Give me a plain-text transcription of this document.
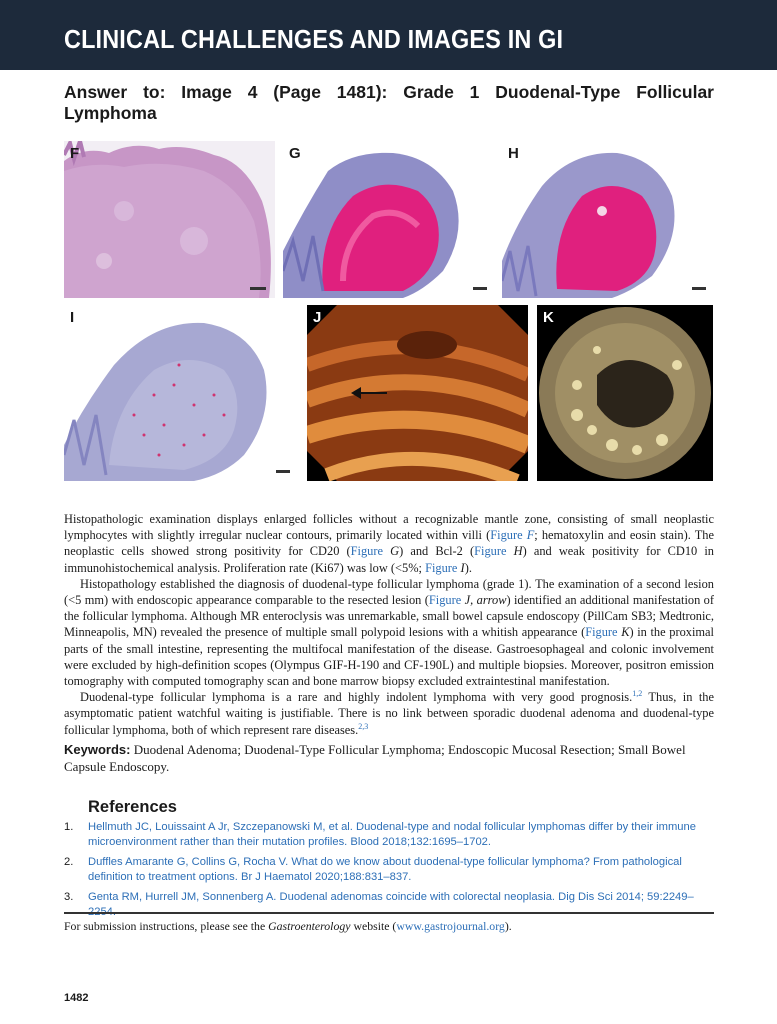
CLINICAL CHALLENGES AND IMAGES IN GI
Answer to: Image 4 (Page 1481): Grade 1 Duodenal-Type Follicular
Lymphoma
F	G	H
I	J	K

Histopathologic examination displays enlarged follicles without a recognizable mantle zone, consisting of small neoplastic lymphocytes with slightly irregular nuclear contours, primarily located within villi (Figure F; hematoxylin and eosin stain). The neoplastic cells showed strong positivity for CD20 (Figure G) and Bcl-2 (Figure H) and weak positivity for CD10 in immunohistochemical analysis. Proliferation rate (Ki67) was low (<5%; Figure I).

Histopathology established the diagnosis of duodenal-type follicular lymphoma (grade 1). The examination of a second lesion (<5 mm) with endoscopic appearance comparable to the resected lesion (Figure J, arrow) identified an additional manifestation of the follicular lymphoma. Although MR enteroclysis was unremarkable, small bowel capsule endoscopy (PillCam SB3; Medtronic, Minneapolis, MN) revealed the presence of multiple small polypoid lesions with a whitish appearance (Figure K) in the proximal parts of the small intestine, representing the multifocal manifestation of the disease. Gastroesophageal and colonic involvement were excluded by high-definition scopes (Olympus GIF-H-190 and CF-190L) and multiple biopsies. Moreover, positron emission tomography with computed tomography scan and bone marrow biopsy excluded extraintestinal manifestation.

Duodenal-type follicular lymphoma is a rare and highly indolent lymphoma with very good prognosis.$^{1,2}$ Thus, in the asymptomatic patient watchful waiting is justifiable. There is no link between sporadic duodenal adenoma and duodenal-type follicular lymphoma, both of which represent rare diseases.$^{2,3}$

Keywords: Duodenal Adenoma; Duodenal-Type Follicular Lymphoma; Endoscopic Mucosal Resection; Small Bowel Capsule Endoscopy.
References
1. Hellmuth JC, Louissaint A Jr, Szczepanowski M, et al. Duodenal-type and nodal follicular lymphomas differ by their immune microenvironment rather than their mutation profiles. Blood 2018;132:1695–1702.
2. Duffles Amarante G, Collins G, Rocha V. What do we know about duodenal-type follicular lymphoma? From pathological definition to treatment options. Br J Haematol 2020;188:831–837.
3. Genta RM, Hurrell JM, Sonnenberg A. Duodenal adenomas coincide with colorectal neoplasia. Dig Dis Sci 2014; 59:2249–
For submission instructions, please see the Gastroenterology website (www.gastrojournal.org).
1482
